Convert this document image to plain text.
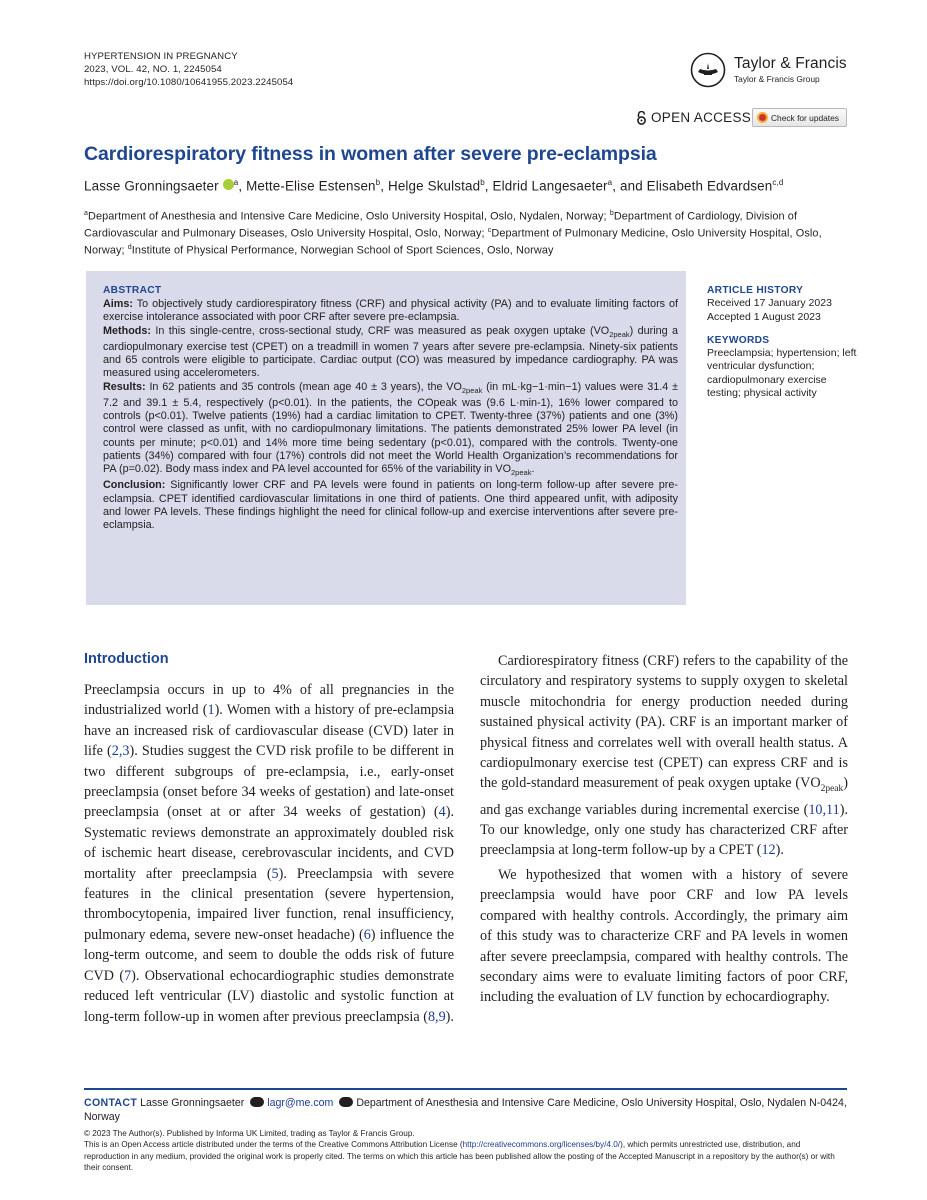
HYPERTENSION IN PREGNANCY
2023, VOL. 42, NO. 1, 2245054
https://doi.org/10.1080/10641955.2023.2245054
Taylor & Francis
Taylor & Francis Group
OPEN ACCESS Check for updates
Cardiorespiratory fitness in women after severe pre-eclampsia
Lasse Gronningsaeter $^a$, Mette-Elise Estensen$^b$, Helge Skulstad$^b$, Eldrid Langesaeter$^a$, and Elisabeth Edvardsen$^{c,d}$
$^a$Department of Anesthesia and Intensive Care Medicine, Oslo University Hospital, Oslo, Nydalen, Norway; $^b$Department of Cardiology, Division of Cardiovascular and Pulmonary Diseases, Oslo University Hospital, Oslo, Norway; $^c$Department of Pulmonary Medicine, Oslo University Hospital, Oslo, Norway; $^d$Institute of Physical Performance, Norwegian School of Sport Sciences, Oslo, Norway
ABSTRACT

Aims: To objectively study cardiorespiratory fitness (CRF) and physical activity (PA) and to evaluate limiting factors of exercise intolerance associated with poor CRF after severe pre-eclampsia.

Methods: In this single-centre, cross-sectional study, CRF was measured as peak oxygen uptake $(VO_{2peak})$ during a cardiopulmonary exercise test (CPET) on a treadmill in women 7 years after severe pre-eclampsia. Ninety-six patients and 65 controls were eligible to participate. Cardiac output (CO) was measured by impedance cardiography. PA was measured using accelerometers.

Results: In 62 patients and 35 controls (mean age 40 ± 3 years), the $VO_{2peak}$ (in mL·kg−1·min−1) values were 31.4 ± 7.2 and 39.1 ± 5.4, respectively (p<0.01). In the patients, the COpeak was (9.6 L·min-1), 16% lower compared to controls (p<0.01). Twelve patients (19%) had a cardiac limitation to CPET. Twenty-three (37%) patients and one (3%) control were classed as unfit, with no cardiopulmonary limitations. The patients demonstrated 25% lower PA level (in counts per minute; p<0.01) and 14% more time being sedentary (p<0.01), compared with the controls. Twenty-one patients (34%) compared with four (17%) controls did not meet the World Health Organization’s recommendations for PA (p=0.02). Body mass index and PA level accounted for 65% of the variability in $VO_{2peak}$.

Conclusion: Significantly lower CRF and PA levels were found in patients on long-term follow-up after severe pre-eclampsia. CPET identified cardiovascular limitations in one third of patients. One third appeared unfit, with adiposity and lower PA levels. These findings highlight the need for clinical follow-up and exercise interventions after severe pre-eclampsia.

ARTICLE HISTORY
Received 17 January 2023
Accepted 1 August 2023
KEYWORDS
Preeclampsia; hypertension; left ventricular dysfunction; cardiopulmonary exercise testing; physical activity
Introduction

Preeclampsia occurs in up to 4% of all pregnancies in the industrialized world (1). Women with a history of pre-eclampsia have an increased risk of cardiovascular disease (CVD) later in life (2,3). Studies suggest the CVD risk profile to be different in two different subgroups of pre-eclampsia, i.e., early-onset preeclampsia (onset before 34 weeks of gestation) and late-onset preeclampsia (onset at or after 34 weeks of gestation) (4). Systematic reviews demonstrate an approximately doubled risk of ischemic heart disease, cerebrovascular incidents, and CVD mortality after preeclampsia (5). Preeclampsia with severe features in the clinical presentation (severe hypertension, thrombocytopenia, impaired liver function, renal insufficiency, pulmonary edema, severe new-onset headache) (6) influence the long-term outcome, and seem to double the odds risk of future CVD (7). Observational echocardiographic studies demonstrate reduced left ventricular (LV) diastolic and systolic function at long-term follow-up in women after previous preeclampsia (8,9).

Cardiorespiratory fitness (CRF) refers to the capability of the circulatory and respiratory systems to supply oxygen to skeletal muscle mitochondria for energy production needed during sustained physical activity (PA). CRF is an important marker of physical fitness and correlates well with overall health status. A cardiopulmonary exercise test (CPET) can express CRF and is the gold-standard measurement of peak oxygen uptake $(VO_{2peak})$ and gas exchange variables during incremental exercise (10,11). To our knowledge, only one study has characterized CRF after preeclampsia at long-term follow-up by a CPET (12).

We hypothesized that women with a history of severe preeclampsia would have poor CRF and low PA levels compared with healthy controls. Accordingly, the primary aim of this study was to characterize CRF and PA levels in women after severe preeclampsia, compared with healthy controls. The secondary aims were to evaluate limiting factors of poor CRF, including the evaluation of LV function by echocardiography.

CONTACT Lasse Gronningsaeter lagr@me.com Department of Anesthesia and Intensive Care Medicine, Oslo University Hospital, Oslo, Nydalen N-0424, Norway
© 2023 The Author(s). Published by Informa UK Limited, trading as Taylor & Francis Group.
This is an Open Access article distributed under the terms of the Creative Commons Attribution License (http://creativecommons.org/licenses/by/4.0/), which permits unrestricted use, distribution, and reproduction in any medium, provided the original work is properly cited. The terms on which this article has been published allow the posting of the Accepted Manuscript in a repository by the author(s) or with their consent.
